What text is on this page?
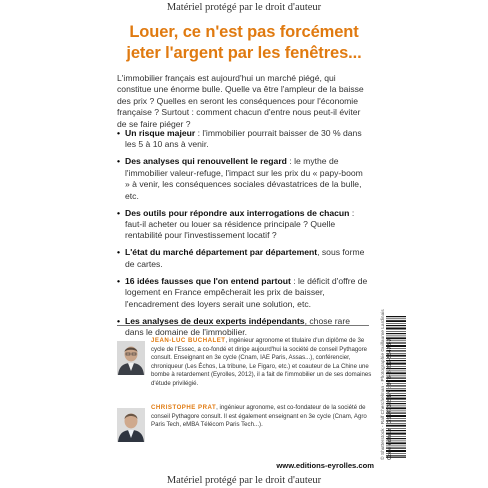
Matériel protégé par le droit d'auteur
Louer, ce n'est pas forcément
jeter l'argent par les fenêtres...
L'immobilier français est aujourd'hui un marché piégé, qui constitue une énorme bulle. Quelle va être l'ampleur de la baisse des prix ? Quelles en seront les conséquences pour l'économie française ? Surtout : comment chacun d'entre nous peut-il éviter de se faire piéger ?
• Un risque majeur : l'immobilier pourrait baisser de 30 % dans les 5 à 10 ans à venir.
• Des analyses qui renouvellent le regard : le mythe de l'immobilier valeur-refuge, l'impact sur les prix du « papy-boom » à venir, les conséquences sociales dévastatrices de la bulle, etc.
• Des outils pour répondre aux interrogations de chacun : faut-il acheter ou louer sa résidence principale ? Quelle rentabilité pour l'investissement locatif ?
• L'état du marché département par département, sous forme de cartes.
• 16 idées fausses que l'on entend partout : le déficit d'offre de logement en France empêcherait les prix de baisser, l'encadrement des loyers serait une solution, etc.
• Les analyses de deux experts indépendants, chose rare dans le domaine de l'immobilier.
JEAN-LUC BUCHALET, ingénieur agronome et titulaire d'un diplôme de 3e cycle de l'Essec, a co-fondé et dirige aujourd'hui la société de conseil Pythagore consult. Enseignant en 3e cycle (Cnam, IAE Paris, Assas...), conférencier, chroniqueur (Les Échos, La tribune, Le Figaro, etc.) et coauteur de La Chine une bombe à retardement (Eyrolles, 2012), il a fait de l'immobilier un de ses domaines d'étude privilégié.
CHRISTOPHE PRAT, ingénieur agronome, est co-fondateur de la société de conseil Pythagore consult. Il est également enseignant en 3e cycle (Cnam, Agro Paris Tech, eMBA Télécom Paris Tech...).
www.editions-eyrolles.com
© Shutterstock - Ralf Cherchelman - Photographie Guillaume Lardinais Code éditeur : G55473 ISBN : 978-2-212-55473-7
Matériel protégé par le droit d'auteur
